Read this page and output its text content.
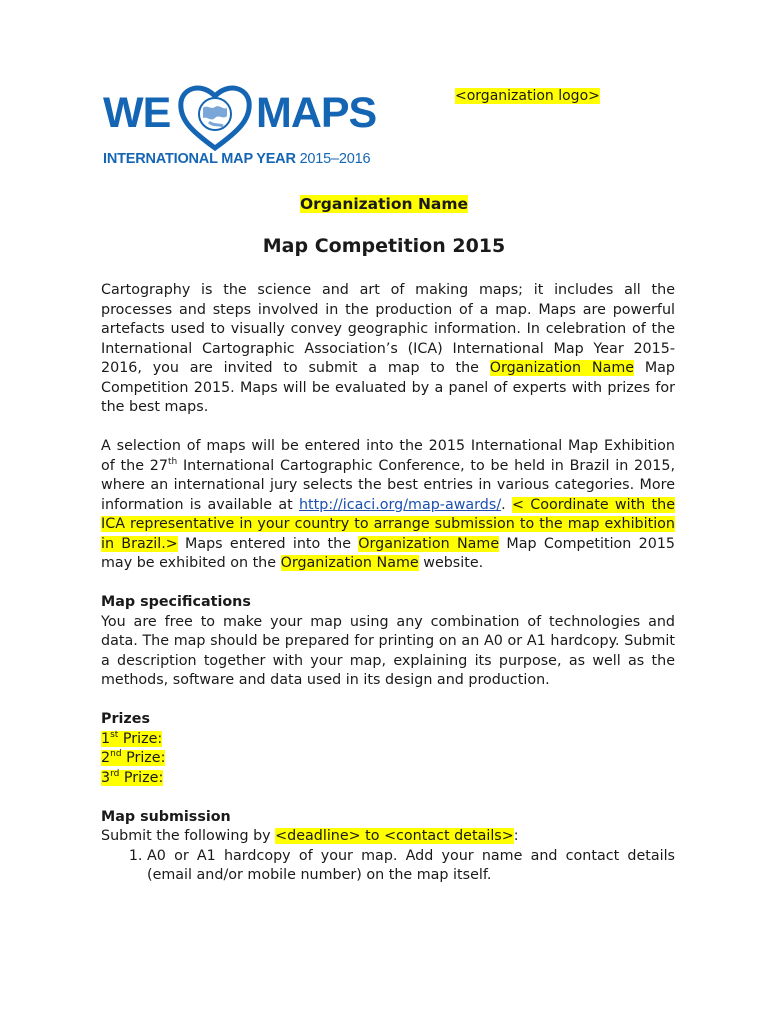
WE MAPS
INTERNATIONAL MAP YEAR 2015–2016
<organization logo>
Organization Name
Map Competition 2015

Cartography is the science and art of making maps; it includes all the processes and steps involved in the production of a map. Maps are powerful artefacts used to visually convey geographic information. In celebration of the International Cartographic Association’s (ICA) International Map Year 2015-2016, you are invited to submit a map to the Organization Name Map Competition 2015. Maps will be evaluated by a panel of experts with prizes for the best maps.

A selection of maps will be entered into the 2015 International Map Exhibition of the 27th International Cartographic Conference, to be held in Brazil in 2015, where an international jury selects the best entries in various categories. More information is available at http://icaci.org/map-awards/. < Coordinate with the ICA representative in your country to arrange submission to the map exhibition in Brazil.> Maps entered into the Organization Name Map Competition 2015 may be exhibited on the Organization Name website.

Map specifications

You are free to make your map using any combination of technologies and data. The map should be prepared for printing on an A0 or A1 hardcopy. Submit a description together with your map, explaining its purpose, as well as the methods, software and data used in its design and production.

Prizes

1st Prize:

2nd Prize:

3rd Prize:

Map submission

Submit the following by <deadline> to <contact details>:

1. A0 or A1 hardcopy of your map. Add your name and contact details (email and/or mobile number) on the map itself.
